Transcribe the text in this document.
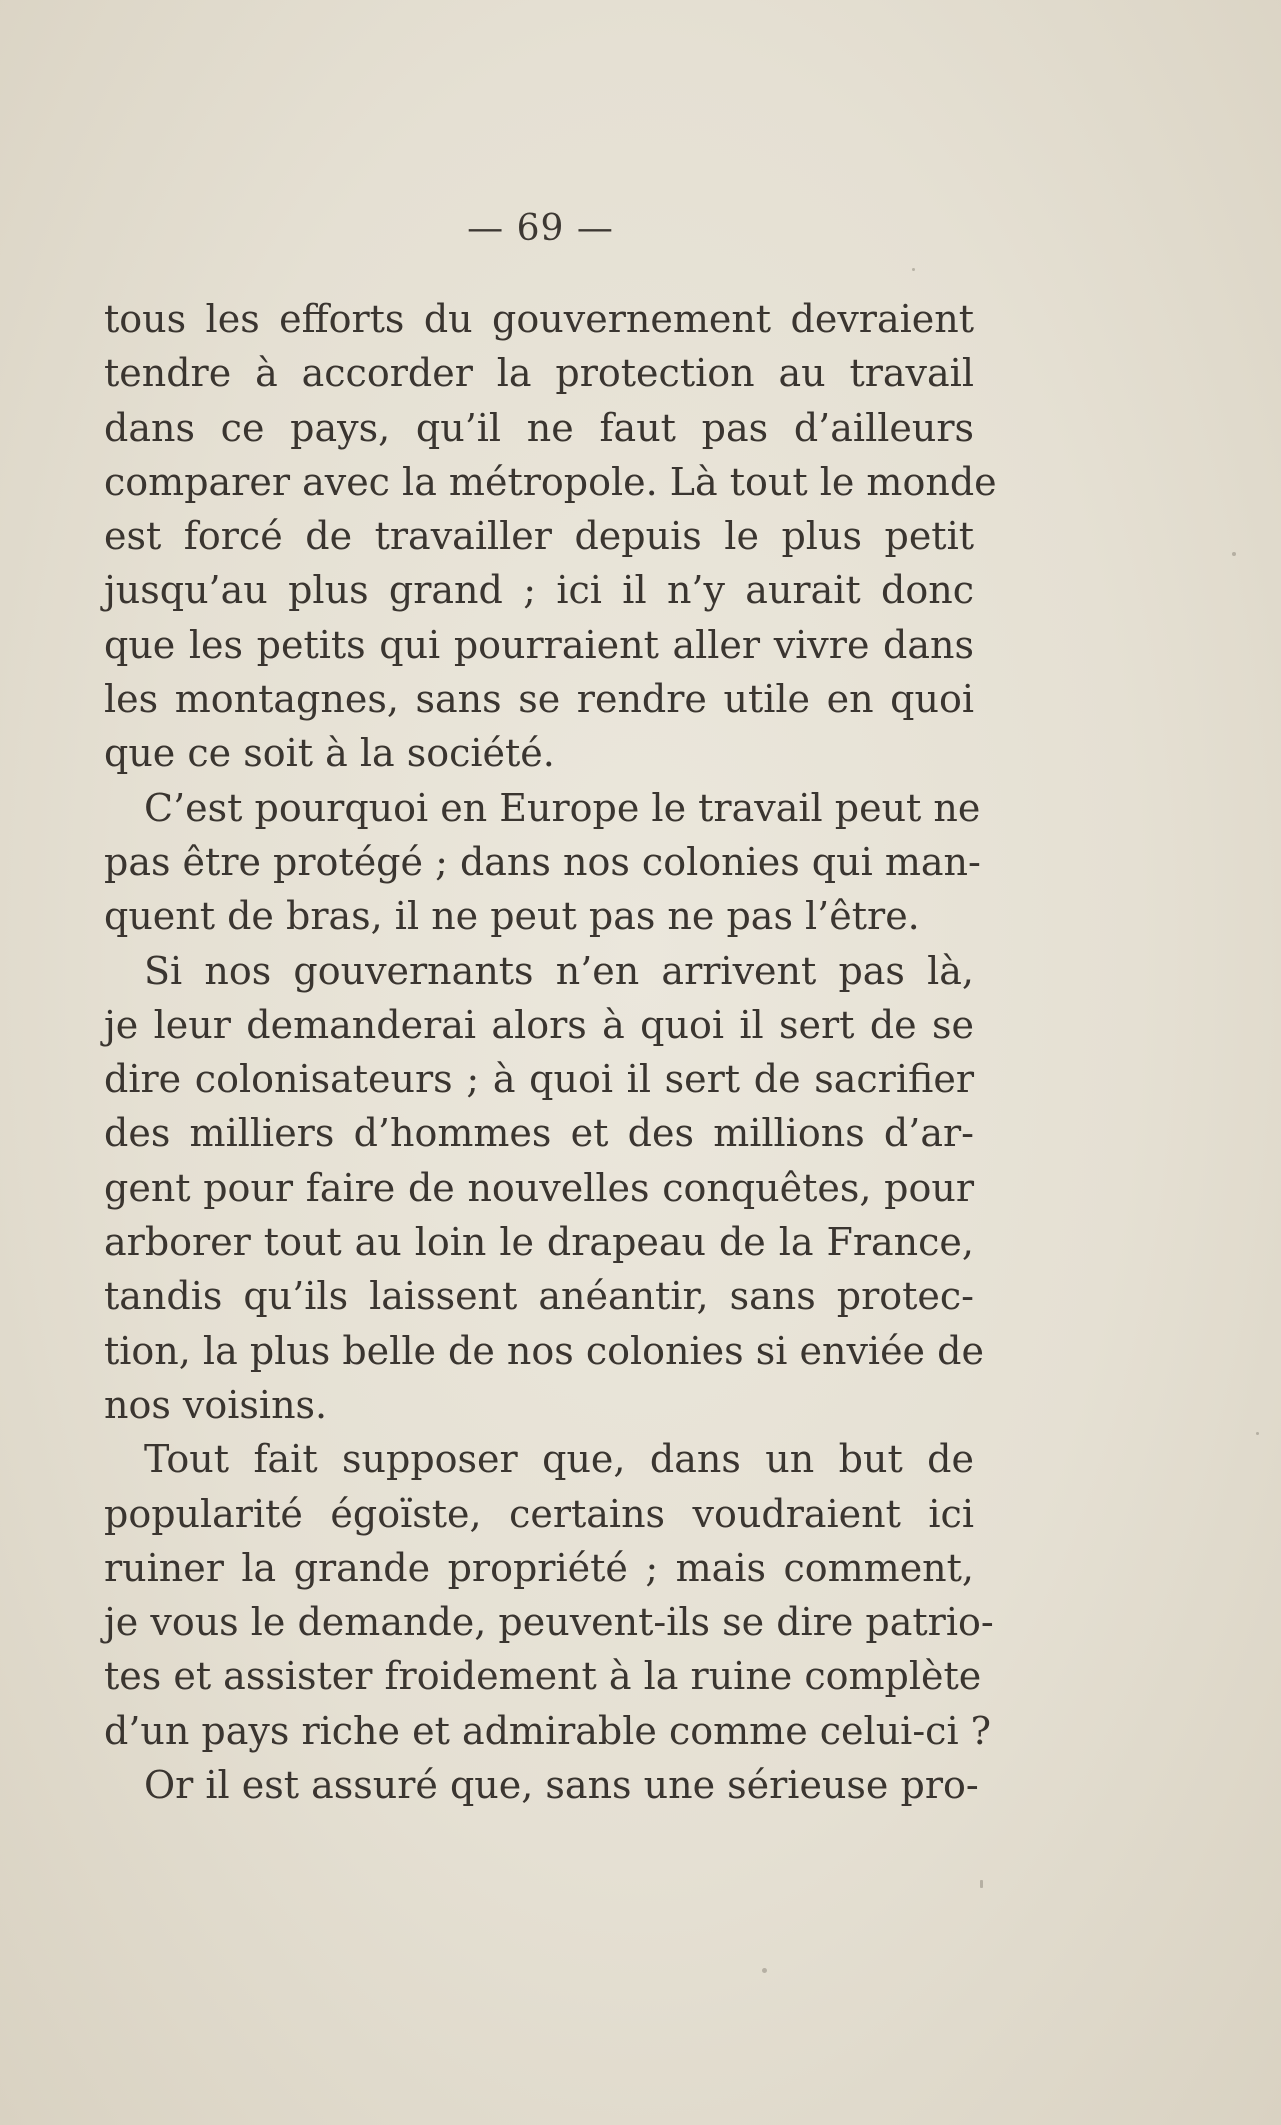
— 69 —
tous les efforts du gouvernement devraient
tendre à accorder la protection au travail
dans ce pays, qu’il ne faut pas d’ailleurs
comparer avec la métropole. Là tout le monde
est forcé de travailler depuis le plus petit
jusqu’au plus grand ; ici il n’y aurait donc
que les petits qui pourraient aller vivre dans
les montagnes, sans se rendre utile en quoi
que ce soit à la société.
C’est pourquoi en Europe le travail peut ne
pas être protégé ; dans nos colonies qui man-
quent de bras, il ne peut pas ne pas l’être.
Si nos gouvernants n’en arrivent pas là,
je leur demanderai alors à quoi il sert de se
dire colonisateurs ; à quoi il sert de sacrifier
des milliers d’hommes et des millions d’ar-
gent pour faire de nouvelles conquêtes, pour
arborer tout au loin le drapeau de la France,
tandis qu’ils laissent anéantir, sans protec-
tion, la plus belle de nos colonies si enviée de
nos voisins.
Tout fait supposer que, dans un but de
popularité égoïste, certains voudraient ici
ruiner la grande propriété ; mais comment,
je vous le demande, peuvent-ils se dire patrio-
tes et assister froidement à la ruine complète
d’un pays riche et admirable comme celui-ci ?
Or il est assuré que, sans une sérieuse pro-
